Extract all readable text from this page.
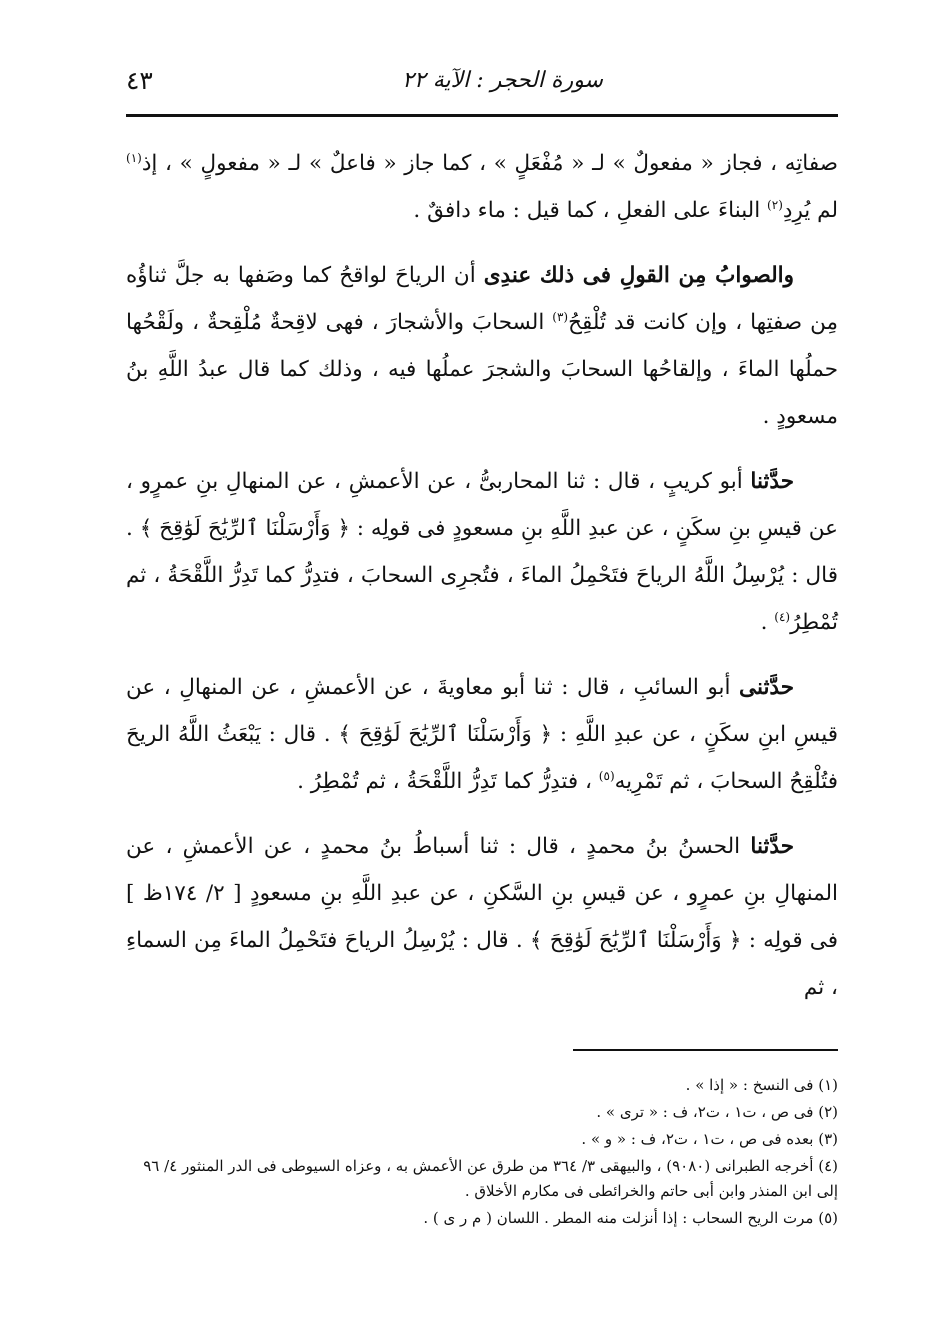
سورة الحجر : الآية ٢٢
٤٣

صفاتِه ، فجاز « مفعولٌ » لـ « مُفْعَلٍ » ، كما جاز « فاعلٌ » لـ « مفعولٍ » ، إذ$^{(١)}$ لم يُرِدِ$^{(٢)}$ البناءَ على الفعلِ ، كما قيل : ماء دافقٌ .

والصوابُ مِن القولِ فى ذلك عندِى أن الرياحَ لواقحُ كما وصَفها به جلَّ ثناؤُه مِن صفتِها ، وإن كانت قد تُلْقِحُ$^{(٣)}$ السحابَ والأشجارَ ، فهى لاقِحةٌ مُلْقِحةٌ ، ولَقْحُها حملُها الماءَ ، وإلقاحُها السحابَ والشجرَ عملُها فيه ، وذلك كما قال عبدُ اللَّهِ بنُ مسعودٍ .

حدَّثنا أبو كريبٍ ، قال : ثنا المحاربىُّ ، عن الأعمشِ ، عن المنهالِ بنِ عمرٍو ، عن قيسِ بنِ سكَنٍ ، عن عبدِ اللَّهِ بنِ مسعودٍ فى قولِه : ﴿ وَأَرْسَلْنَا ٱلرِّيَٰحَ لَوَٰقِحَ ﴾ . قال : يُرْسِلُ اللَّهُ الرياحَ فتَحْمِلُ الماءَ ، فتُجرِى السحابَ ، فتدِرُّ كما تَدِرُّ اللَّقْحَةُ ، ثم تُمْطِرُ$^{(٤)}$ .

حدَّثنى أبو السائبِ ، قال : ثنا أبو معاويةَ ، عن الأعمشِ ، عن المنهالِ ، عن قيسِ ابنِ سكَنٍ ، عن عبدِ اللَّهِ : ﴿ وَأَرْسَلْنَا ٱلرِّيَٰحَ لَوَٰقِحَ ﴾ . قال : يَبْعَثُ اللَّهُ الريحَ فتُلْقِحُ السحابَ ، ثم تَمْرِيه$^{(٥)}$ ، فتدِرُّ كما تَدِرُّ اللَّقْحَةُ ، ثم تُمْطِرُ .

حدَّثنا الحسنُ بنُ محمدٍ ، قال : ثنا أسباطُ بنُ محمدٍ ، عن الأعمشِ ، عن المنهالِ بنِ عمرٍو ، عن قيسِ بنِ السَّكنِ ، عن عبدِ اللَّهِ بنِ مسعودٍ [ ٢/ ١٧٤ظ ] فى قولِه : ﴿ وَأَرْسَلْنَا ٱلرِّيَٰحَ لَوَٰقِحَ ﴾ . قال : يُرْسِلُ الرياحَ فتَحْمِلُ الماءَ مِن السماءِ ، ثم

(١) فى النسخ : « إذا » .
(٢) فى ص ، ت١ ، ت٢، ف : « ترى » .
(٣) بعده فى ص ، ت١ ، ت٢، ف : « و » .
(٤) أخرجه الطبرانى (٩٠٨٠) ، والبيهقى ٣/ ٣٦٤ من طرق عن الأعمش به ، وعزاه السيوطى فى الدر المنثور ٤/ ٩٦ إلى ابن المنذر وابن أبى حاتم والخرائطى فى مكارم الأخلاق .
(٥) مرت الريح السحاب : إذا أنزلت منه المطر . اللسان ( م ر ى ) .
